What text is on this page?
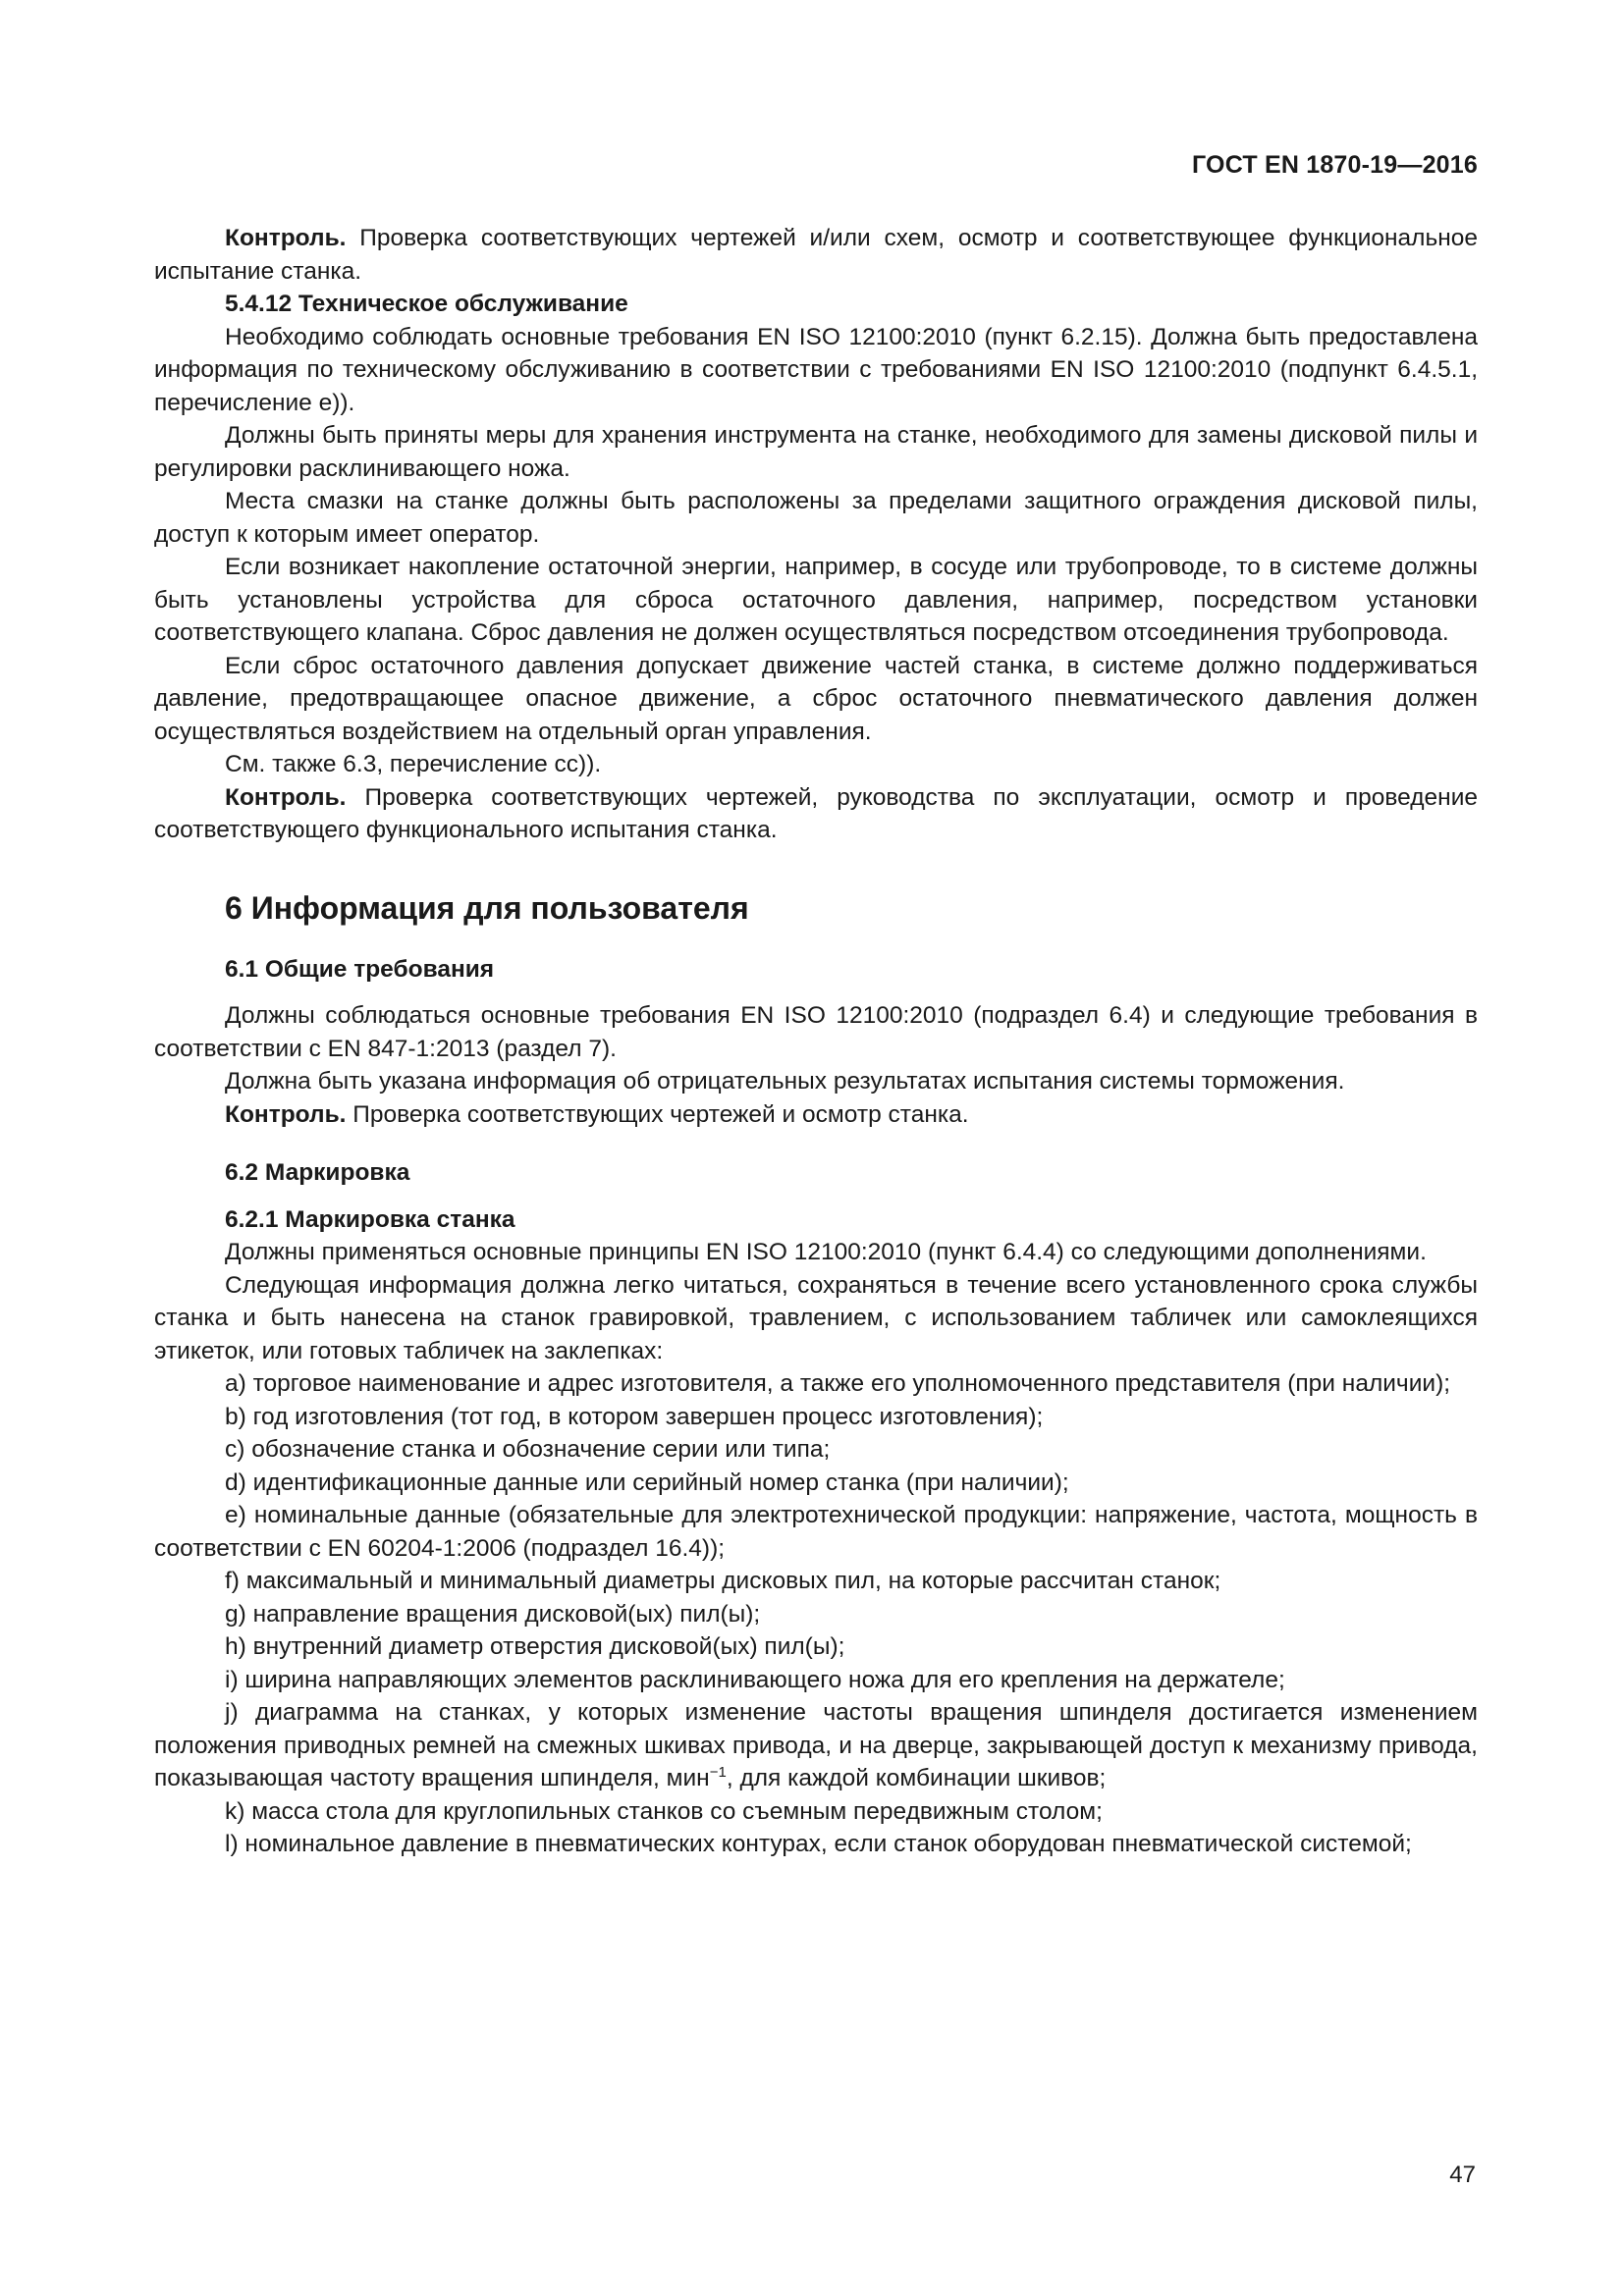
ГОСТ EN 1870-19—2016

Контроль. Проверка соответствующих чертежей и/или схем, осмотр и соответствующее функциональное испытание станка.

5.4.12 Техническое обслуживание

Необходимо соблюдать основные требования EN ISO 12100:2010 (пункт 6.2.15). Должна быть предоставлена информация по техническому обслуживанию в соответствии с требованиями EN ISO 12100:2010 (подпункт 6.4.5.1, перечисление е)).

Должны быть приняты меры для хранения инструмента на станке, необходимого для замены дисковой пилы и регулировки расклинивающего ножа.

Места смазки на станке должны быть расположены за пределами защитного ограждения дисковой пилы, доступ к которым имеет оператор.

Если возникает накопление остаточной энергии, например, в сосуде или трубопроводе, то в системе должны быть установлены устройства для сброса остаточного давления, например, посредством установки соответствующего клапана. Сброс давления не должен осуществляться посредством отсоединения трубопровода.

Если сброс остаточного давления допускает движение частей станка, в системе должно поддерживаться давление, предотвращающее опасное движение, а сброс остаточного пневматического давления должен осуществляться воздействием на отдельный орган управления.

См. также 6.3, перечисление cc)).

Контроль. Проверка соответствующих чертежей, руководства по эксплуатации, осмотр и проведение соответствующего функционального испытания станка.

6 Информация для пользователя
6.1 Общие требования

Должны соблюдаться основные требования EN ISO 12100:2010 (подраздел 6.4) и следующие требования в соответствии с EN 847-1:2013 (раздел 7).

Должна быть указана информация об отрицательных результатах испытания системы торможения.

Контроль. Проверка соответствующих чертежей и осмотр станка.

6.2 Маркировка
6.2.1 Маркировка станка

Должны применяться основные принципы EN ISO 12100:2010 (пункт 6.4.4) со следующими дополнениями.

Следующая информация должна легко читаться, сохраняться в течение всего установленного срока службы станка и быть нанесена на станок гравировкой, травлением, с использованием табличек или самоклеящихся этикеток, или готовых табличек на заклепках:

a) торговое наименование и адрес изготовителя, а также его уполномоченного представителя (при наличии);

b) год изготовления (тот год, в котором завершен процесс изготовления);

c) обозначение станка и обозначение серии или типа;

d) идентификационные данные или серийный номер станка (при наличии);

e) номинальные данные (обязательные для электротехнической продукции: напряжение, частота, мощность в соответствии с EN 60204-1:2006 (подраздел 16.4));

f) максимальный и минимальный диаметры дисковых пил, на которые рассчитан станок;

g) направление вращения дисковой(ых) пил(ы);

h) внутренний диаметр отверстия дисковой(ых) пил(ы);

i) ширина направляющих элементов расклинивающего ножа для его крепления на держателе;

j) диаграмма на станках, у которых изменение частоты вращения шпинделя достигается изменением положения приводных ремней на смежных шкивах привода, и на дверце, закрывающей доступ к механизму привода, показывающая частоту вращения шпинделя, мин$^{-1}$, для каждой комбинации шкивов;

k) масса стола для круглопильных станков со съемным передвижным столом;

l) номинальное давление в пневматических контурах, если станок оборудован пневматической системой;

47
